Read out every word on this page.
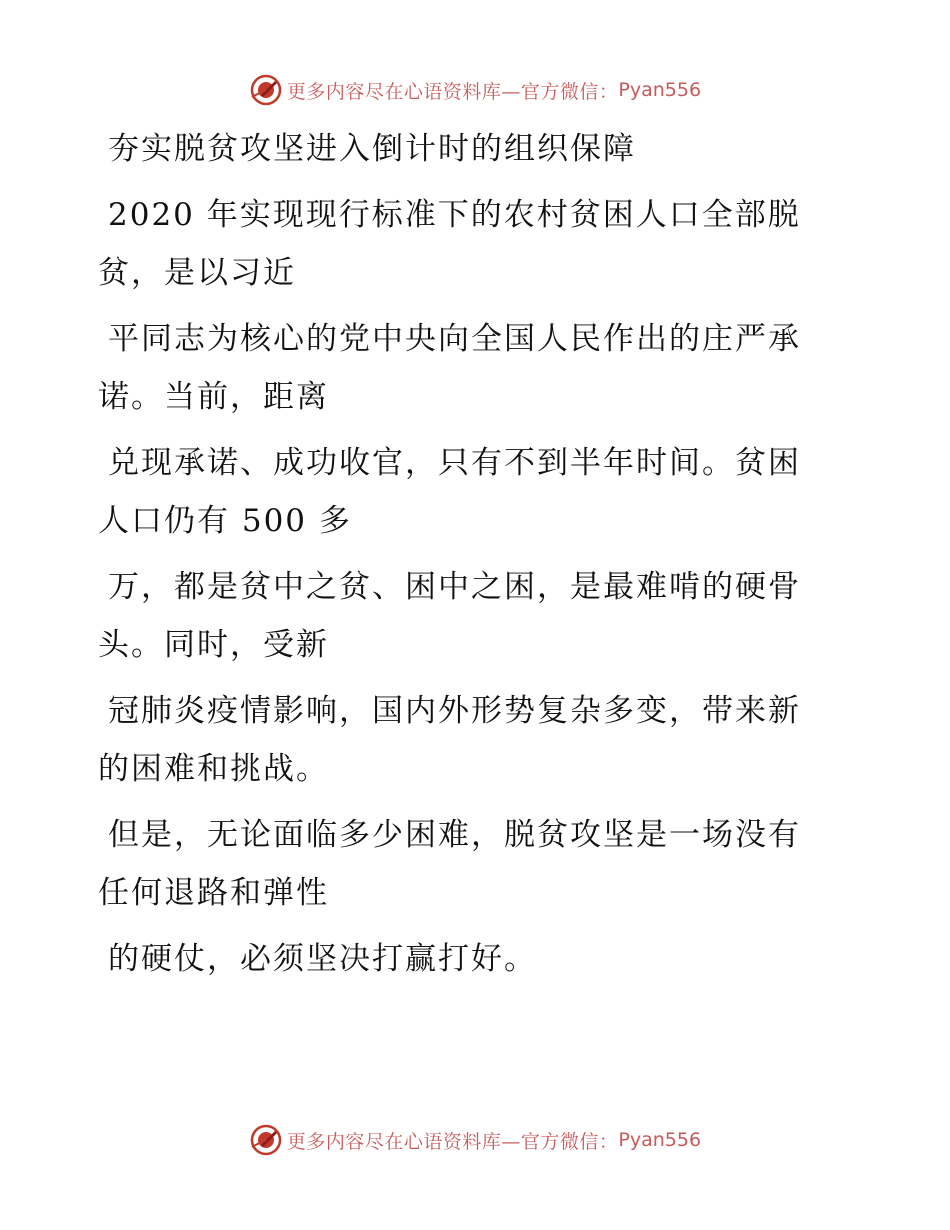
更多内容尽在心语资料库—官方微信： Pyan556
夯实脱贫攻坚进入倒计时的组织保障
2020 年实现现行标准下的农村贫困人口全部脱
贫，是以习近
平同志为核心的党中央向全国人民作出的庄严承
诺。当前，距离
兑现承诺、成功收官，只有不到半年时间。贫困
人口仍有 500 多
万，都是贫中之贫、困中之困，是最难啃的硬骨
头。同时，受新
冠肺炎疫情影响，国内外形势复杂多变，带来新
的困难和挑战。
但是，无论面临多少困难，脱贫攻坚是一场没有
任何退路和弹性
的硬仗，必须坚决打赢打好。
更多内容尽在心语资料库—官方微信： Pyan556
